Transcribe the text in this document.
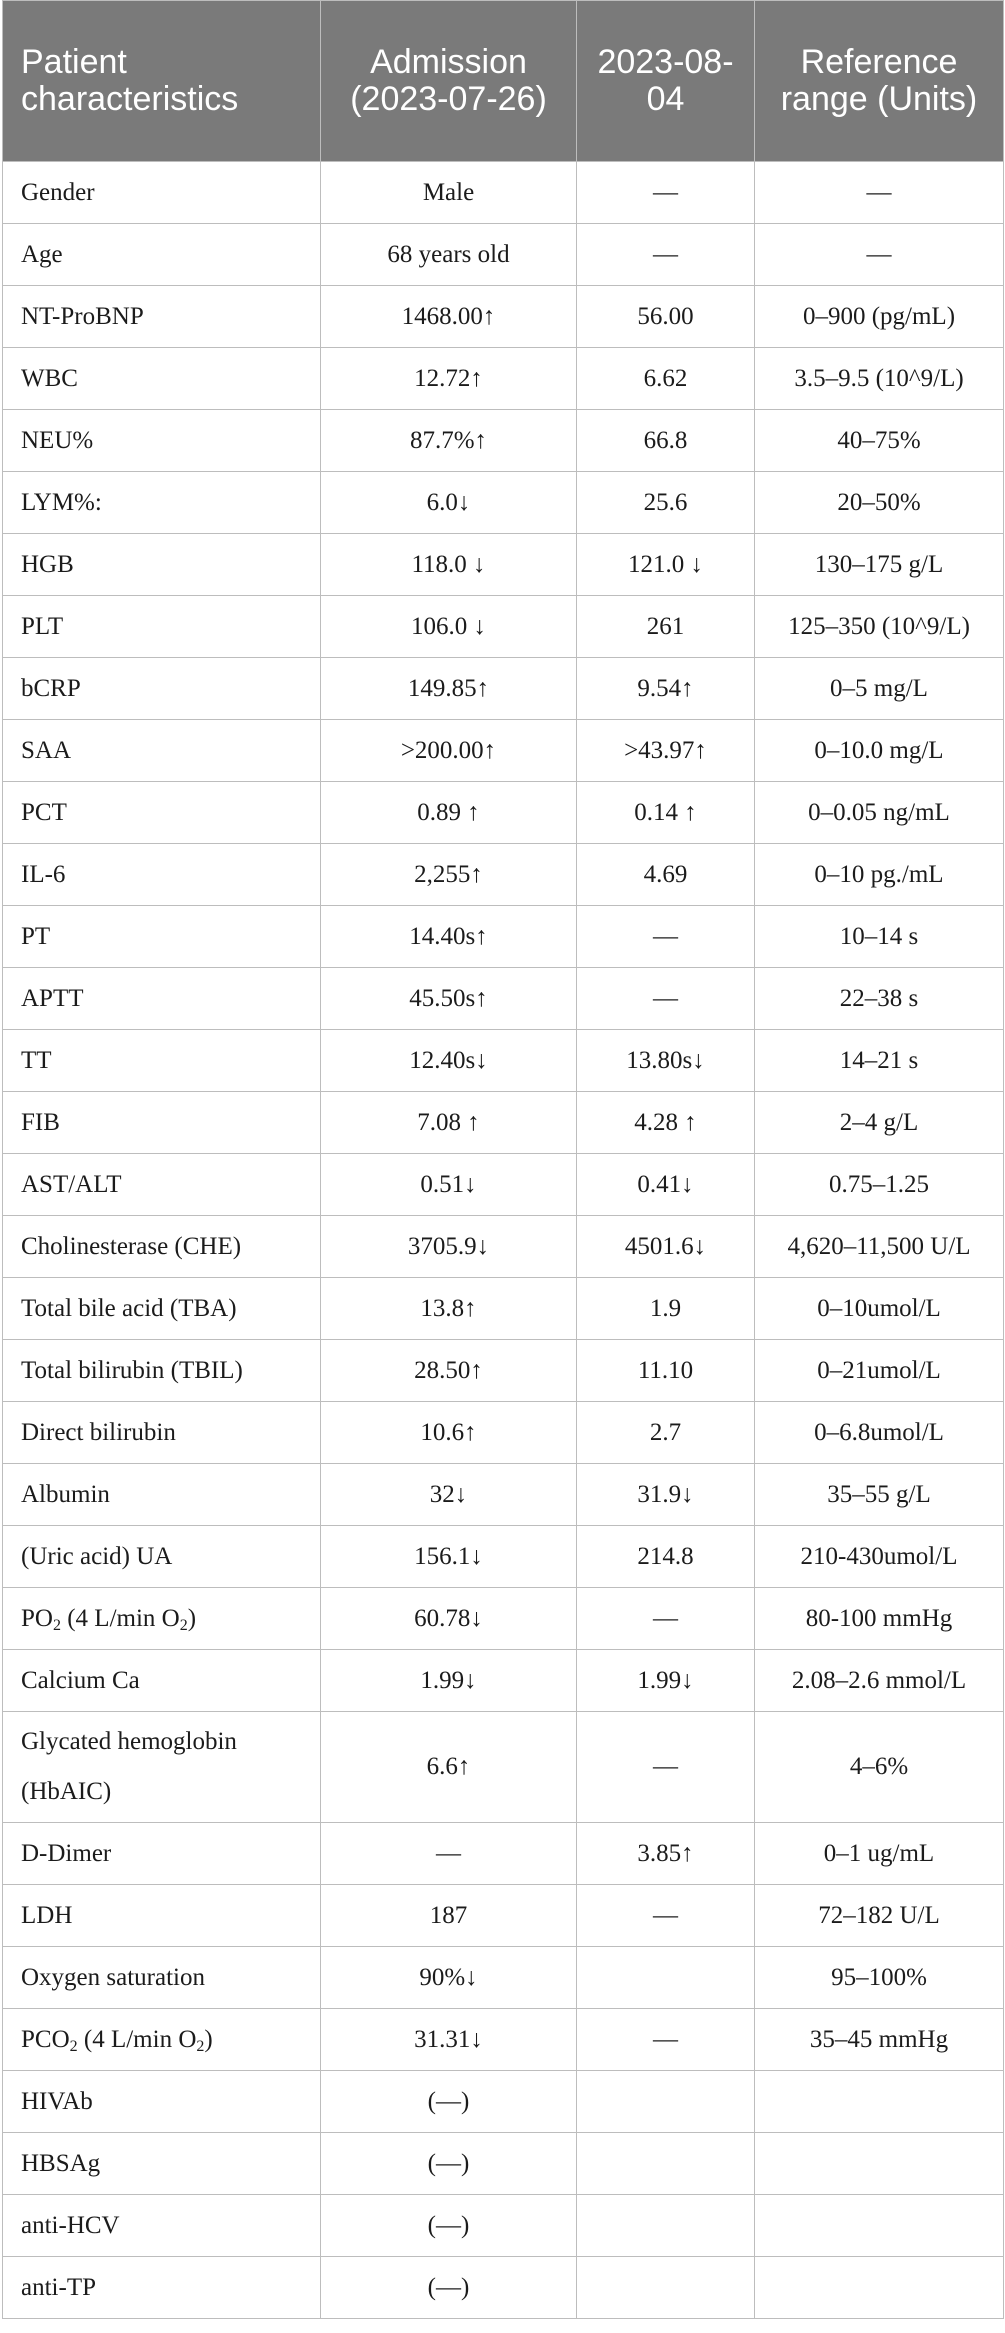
Patient characteristics	Admission (2023-07-26)	2023-08-04	Reference range (Units)
Gender	Male	—	—
Age	68 years old	—	—
NT-ProBNP	1468.00↑	56.00	0–900 (pg/mL)
WBC	12.72↑	6.62	3.5–9.5 (10^9/L)
NEU%	87.7%↑	66.8	40–75%
LYM%:	6.0↓	25.6	20–50%
HGB	118.0 ↓	121.0 ↓	130–175 g/L
PLT	106.0 ↓	261	125–350 (10^9/L)
bCRP	149.85↑	9.54↑	0–5 mg/L
SAA	>200.00↑	>43.97↑	0–10.0 mg/L
PCT	0.89 ↑	0.14 ↑	0–0.05 ng/mL
IL-6	2,255↑	4.69	0–10 pg./mL
PT	14.40s↑	—	10–14 s
APTT	45.50s↑	—	22–38 s
TT	12.40s↓	13.80s↓	14–21 s
FIB	7.08 ↑	4.28 ↑	2–4 g/L
AST/ALT	0.51↓	0.41↓	0.75–1.25
Cholinesterase (CHE)	3705.9↓	4501.6↓	4,620–11,500 U/L
Total bile acid (TBA)	13.8↑	1.9	0–10umol/L
Total bilirubin (TBIL)	28.50↑	11.10	0–21umol/L
Direct bilirubin	10.6↑	2.7	0–6.8umol/L
Albumin	32↓	31.9↓	35–55 g/L
(Uric acid) UA	156.1↓	214.8	210-430umol/L
$PO_2$ (4 L/min $O_2$)	60.78↓	—	80-100 mmHg
Calcium Ca	1.99↓	1.99↓	2.08–2.6 mmol/L
Glycated hemoglobin (HbAIC)	6.6↑	—	4–6%
D-Dimer	—	3.85↑	0–1 ug/mL
LDH	187	—	72–182 U/L
Oxygen saturation	90%↓		95–100%
$PCO_2$ (4 L/min $O_2$)	31.31↓	—	35–45 mmHg
HIVAb	(—)		
HBSAg	(—)		
anti-HCV	(—)		
anti-TP	(—)		
